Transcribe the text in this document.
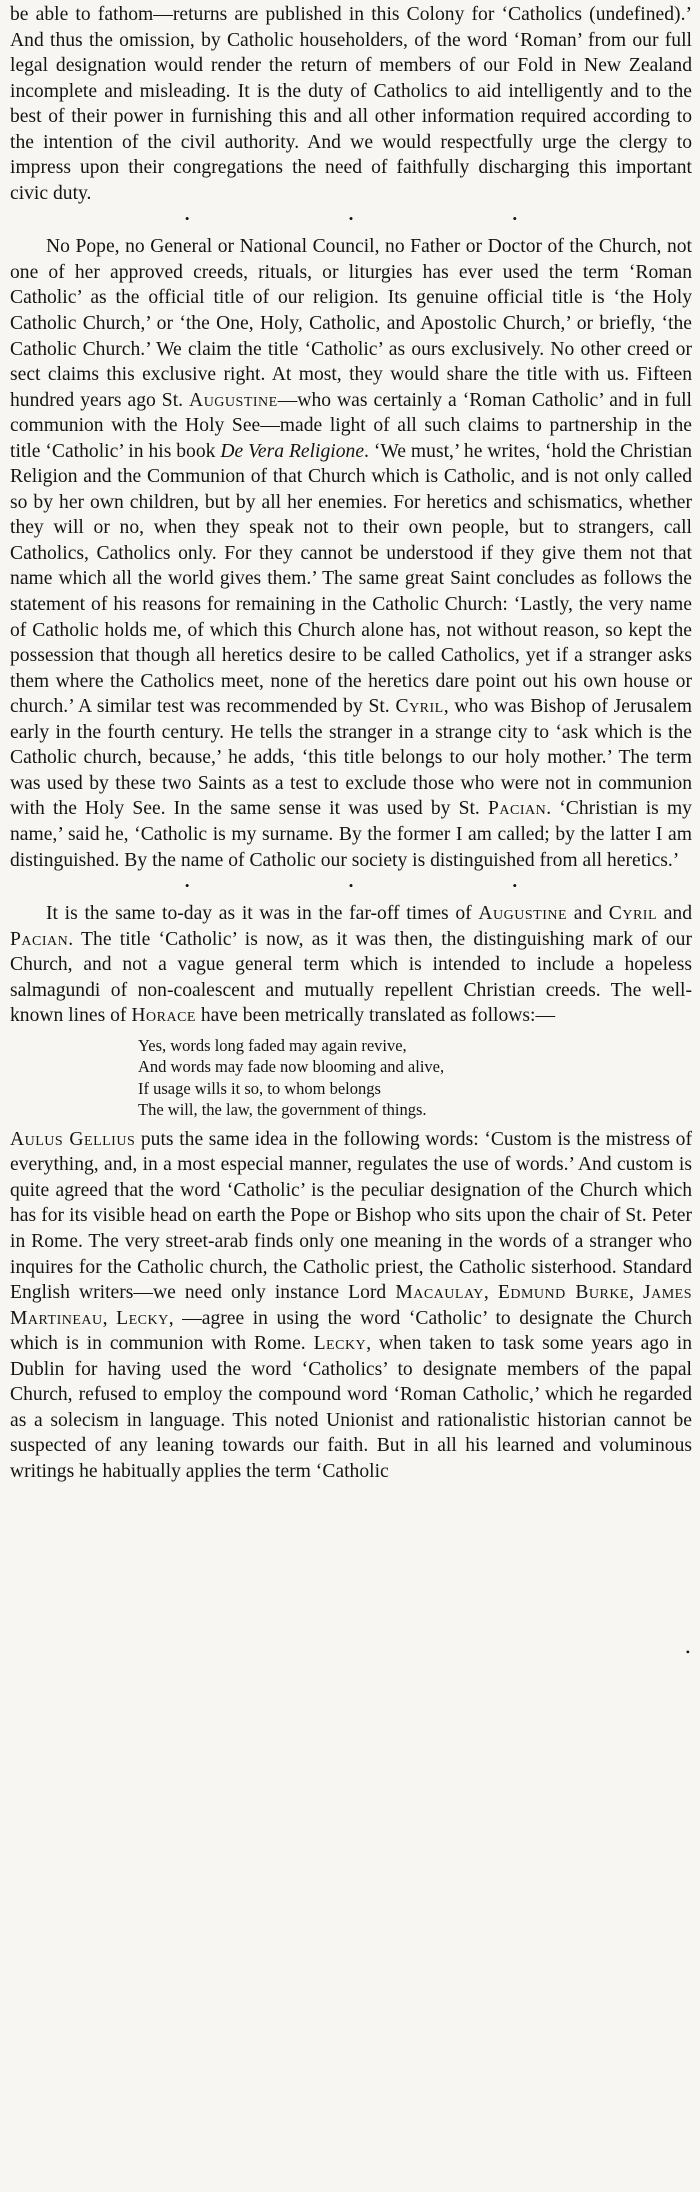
be able to fathom—returns are published in this Colony for ‘Catholics (undefined).’ And thus the omission, by Catholic householders, of the word ‘Roman’ from our full legal designation would render the return of members of our Fold in New Zealand incomplete and misleading. It is the duty of Catholics to aid intelligently and to the best of their power in furnishing this and all other information required according to the intention of the civil authority. And we would respectfully urge the clergy to impress upon their congregations the need of faithfully discharging this important civic duty.

• • •

No Pope, no General or National Council, no Father or Doctor of the Church, not one of her approved creeds, rituals, or liturgies has ever used the term ‘Roman Catholic’ as the official title of our religion. Its genuine official title is ‘the Holy Catholic Church,’ or ‘the One, Holy, Catholic, and Apostolic Church,’ or briefly, ‘the Catholic Church.’ We claim the title ‘Catholic’ as ours exclusively. No other creed or sect claims this exclusive right. At most, they would share the title with us. Fifteen hundred years ago St. Augustine—who was certainly a ‘Roman Catholic’ and in full communion with the Holy See—made light of all such claims to partnership in the title ‘Catholic’ in his book De Vera Religione. ‘We must,’ he writes, ‘hold the Christian Religion and the Communion of that Church which is Catholic, and is not only called so by her own children, but by all her enemies. For heretics and schismatics, whether they will or no, when they speak not to their own people, but to strangers, call Catholics, Catholics only. For they cannot be understood if they give them not that name which all the world gives them.’ The same great Saint concludes as follows the statement of his reasons for remaining in the Catholic Church: ‘Lastly, the very name of Catholic holds me, of which this Church alone has, not without reason, so kept the possession that though all heretics desire to be called Catholics, yet if a stranger asks them where the Catholics meet, none of the heretics dare point out his own house or church.’ A similar test was recommended by St. Cyril, who was Bishop of Jerusalem early in the fourth century. He tells the stranger in a strange city to ‘ask which is the Catholic church, because,’ he adds, ‘this title belongs to our holy mother.’ The term was used by these two Saints as a test to exclude those who were not in communion with the Holy See. In the same sense it was used by St. Pacian. ‘Christian is my name,’ said he, ‘Catholic is my surname. By the former I am called; by the latter I am distinguished. By the name of Catholic our society is distinguished from all heretics.’

• • •

It is the same to-day as it was in the far-off times of Augustine and Cyril and Pacian. The title ‘Catholic’ is now, as it was then, the distinguishing mark of our Church, and not a vague general term which is intended to include a hopeless salmagundi of non-coalescent and mutually repellent Christian creeds. The well-known lines of Horace have been metrically translated as follows:—

Yes, words long faded may again revive,
And words may fade now blooming and alive,
If usage wills it so, to whom belongs
The will, the law, the government of things.

Aulus Gellius puts the same idea in the following words: ‘Custom is the mistress of everything, and, in a most especial manner, regulates the use of words.’ And custom is quite agreed that the word ‘Catholic’ is the peculiar designation of the Church which has for its visible head on earth the Pope or Bishop who sits upon the chair of St. Peter in Rome. The very street-arab finds only one meaning in the words of a stranger who inquires for the Catholic church, the Catholic priest, the Catholic sisterhood. Standard English writers—we need only instance Lord Macaulay, Edmund Burke, James Martineau, Lecky, —agree in using the word ‘Catholic’ to designate the Church which is in communion with Rome. Lecky, when taken to task some years ago in Dublin for having used the word ‘Catholics’ to designate members of the papal Church, refused to employ the compound word ‘Roman Catholic,’ which he regarded as a solecism in language. This noted Unionist and rationalistic historian cannot be suspected of any leaning towards our faith. But in all his learned and voluminous writings he habitually applies the term ‘Catholic

•
